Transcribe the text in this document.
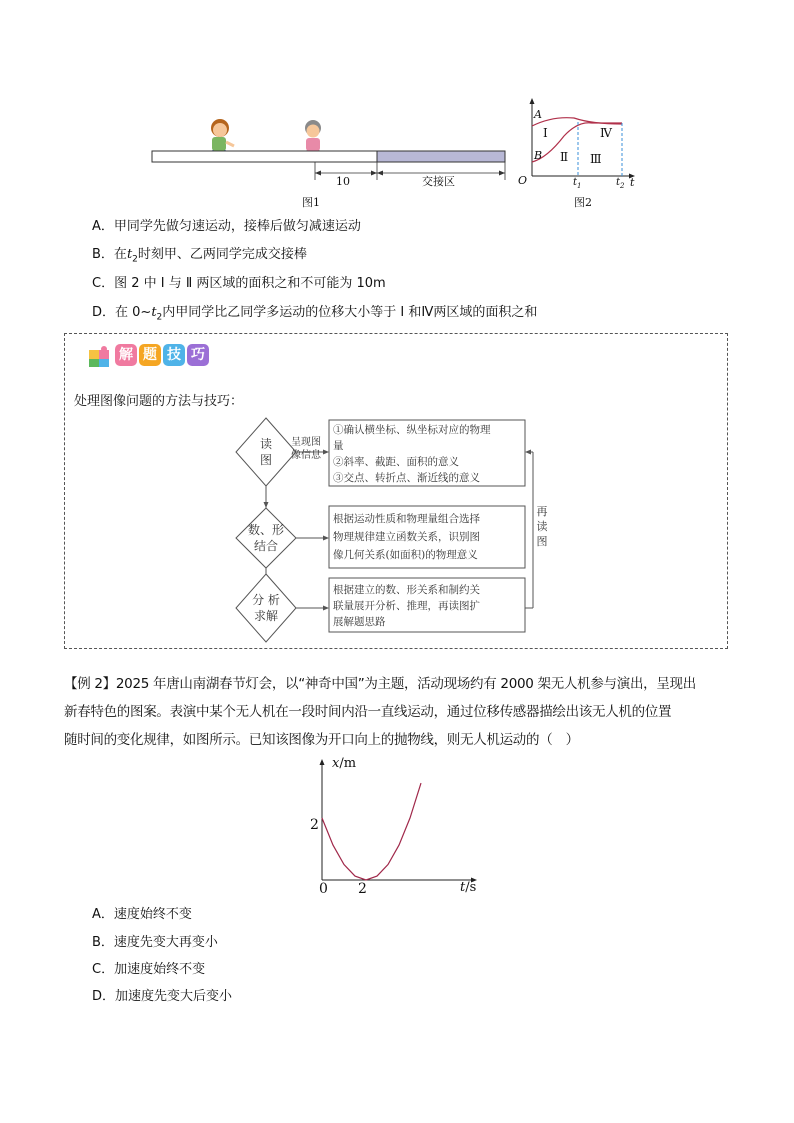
10	交接区
图1
A
B
O
Ⅰ
Ⅱ Ⅲ
Ⅳ
$t_1$	$t_2$ t
图2
A．甲同学先做匀速运动，接棒后做匀减速运动
B．在$t_2$时刻甲、乙两同学完成交接棒
C．图 2 中 Ⅰ 与 Ⅱ 两区域的面积之和不可能为 10m
D．在 $0\sim t_2$内甲同学比乙同学多运动的位移大小等于 Ⅰ 和Ⅳ两区域的面积之和
解 题 技 巧
处理图像问题的方法与技巧：
读
图
呈现图
像信息
数、形
结合
分 析
求解
①确认横坐标、纵坐标对应的物理
量
②斜率、截距、面积的意义
③交点、转折点、渐近线的意义
根据运动性质和物理量组合选择
物理规律建立函数关系，识别图
像几何关系(如面积)的物理意义
根据建立的数、形关系和制约关
联量展开分析、推理，再读图扩
展解题思路
再
读
图
【例 2】2025 年唐山南湖春节灯会，以“神奇中国”为主题，活动现场约有 2000 架无人机参与演出，呈现出
新春特色的图案。表演中某个无人机在一段时间内沿一直线运动，通过位移传感器描绘出该无人机的位置
随时间的变化规律，如图所示。已知该图像为开口向上的抛物线，则无人机运动的（　）
x/m
2
0 2	t/s
A．速度始终不变
B．速度先变大再变小
C．加速度始终不变
D．加速度先变大后变小
